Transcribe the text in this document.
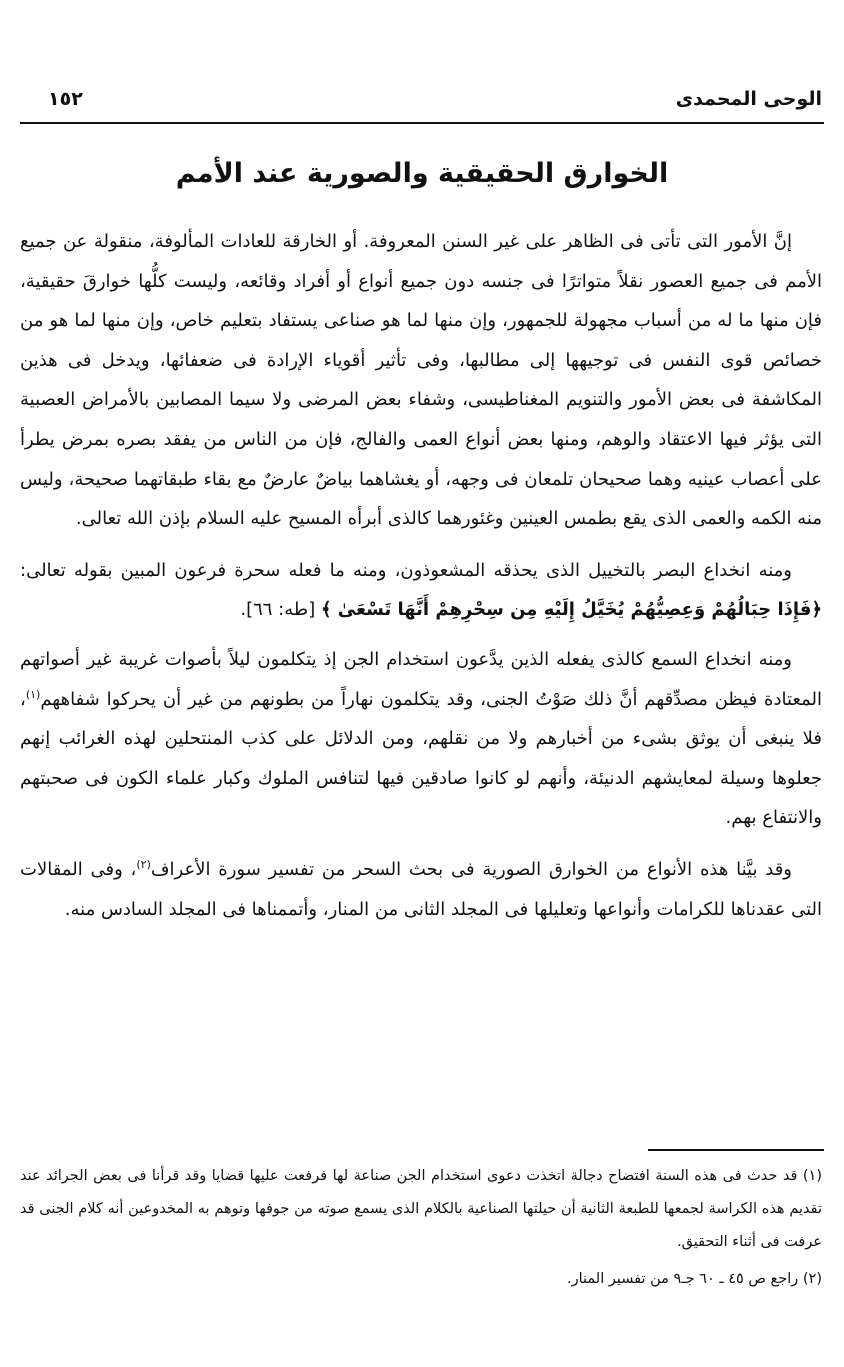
الوحى المحمدى
١٥٢
الخوارق الحقيقية والصورية عند الأمم

إنَّ الأمور التى تأتى فى الظاهر على غير السنن المعروفة. أو الخارقة للعادات المألوفة، منقولة عن جميع الأمم فى جميع العصور نقلاً متواترًا فى جنسه دون جميع أنواع أو أفراد وقائعه، وليست كلُّها خوارقَ حقيقية، فإن منها ما له من أسباب مجهولة للجمهور، وإن منها لما هو صناعى يستفاد بتعليم خاص، وإن منها لما هو من خصائص قوى النفس فى توجيهها إلى مطالبها، وفى تأثير أقوياء الإرادة فى ضعفائها، ويدخل فى هذين المكاشفة فى بعض الأمور والتنويم المغناطيسى، وشفاء بعض المرضى ولا سيما المصابين بالأمراض العصبية التى يؤثر فيها الاعتقاد والوهم، ومنها بعض أنواع العمى والفالج، فإن من الناس من يفقد بصره بمرض يطرأ على أعصاب عينيه وهما صحيحان تلمعان فى وجهه، أو يغشاهما بياضٌ عارضٌ مع بقاء طبقاتهما صحيحة، وليس منه الكمه والعمى الذى يقع بطمس العينين وغئورهما كالذى أبرأه المسيح عليه السلام بإذن الله تعالى.

ومنه انخداع البصر بالتخييل الذى يحذقه المشعوذون، ومنه ما فعله سحرة فرعون المبين بقوله تعالى: ﴿فَإِذَا حِبَالُهُمْ وَعِصِيُّهُمْ يُخَيَّلُ إِلَيْهِ مِن سِحْرِهِمْ أَنَّهَا تَسْعَىٰ ﴾ [طه: ٦٦].

ومنه انخداع السمع كالذى يفعله الذين يدَّعون استخدام الجن إذ يتكلمون ليلاً بأصوات غريبة غير أصواتهم المعتادة فيظن مصدِّقهم أنَّ ذلك صَوْتُ الجنى، وقد يتكلمون نهاراً من بطونهم من غير أن يحركوا شفاههم$^{(١)}$، فلا ينبغى أن يوثق بشىء من أخبارهم ولا من نقلهم، ومن الدلائل على كذب المنتحلين لهذه الغرائب إنهم جعلوها وسيلة لمعايشهم الدنيئة، وأنهم لو كانوا صادقين فيها لتنافس الملوك وكبار علماء الكون فى صحبتهم والانتفاع بهم.

وقد بيَّنا هذه الأنواع من الخوارق الصورية فى بحث السحر من تفسير سورة الأعراف$^{(٢)}$، وفى المقالات التى عقدناها للكرامات وأنواعها وتعليلها فى المجلد الثانى من المنار، وأتممناها فى المجلد السادس منه.

(١) قد حدث فى هذه السنة افتضاح دجالة اتخذت دعوى استخدام الجن صناعة لها فرفعت عليها قضايا وقد قرأنا فى بعض الجرائد عند تقديم هذه الكراسة لجمعها للطبعة الثانية أن حيلتها الصناعية بالكلام الذى يسمع صوته من جوفها وتوهم به المخدوعين أنه كلام الجنى قد عرفت فى أثناء التحقيق.

(٢) راجع ص ٤٥ ـ ٦٠ جـ٩ من تفسير المنار.
